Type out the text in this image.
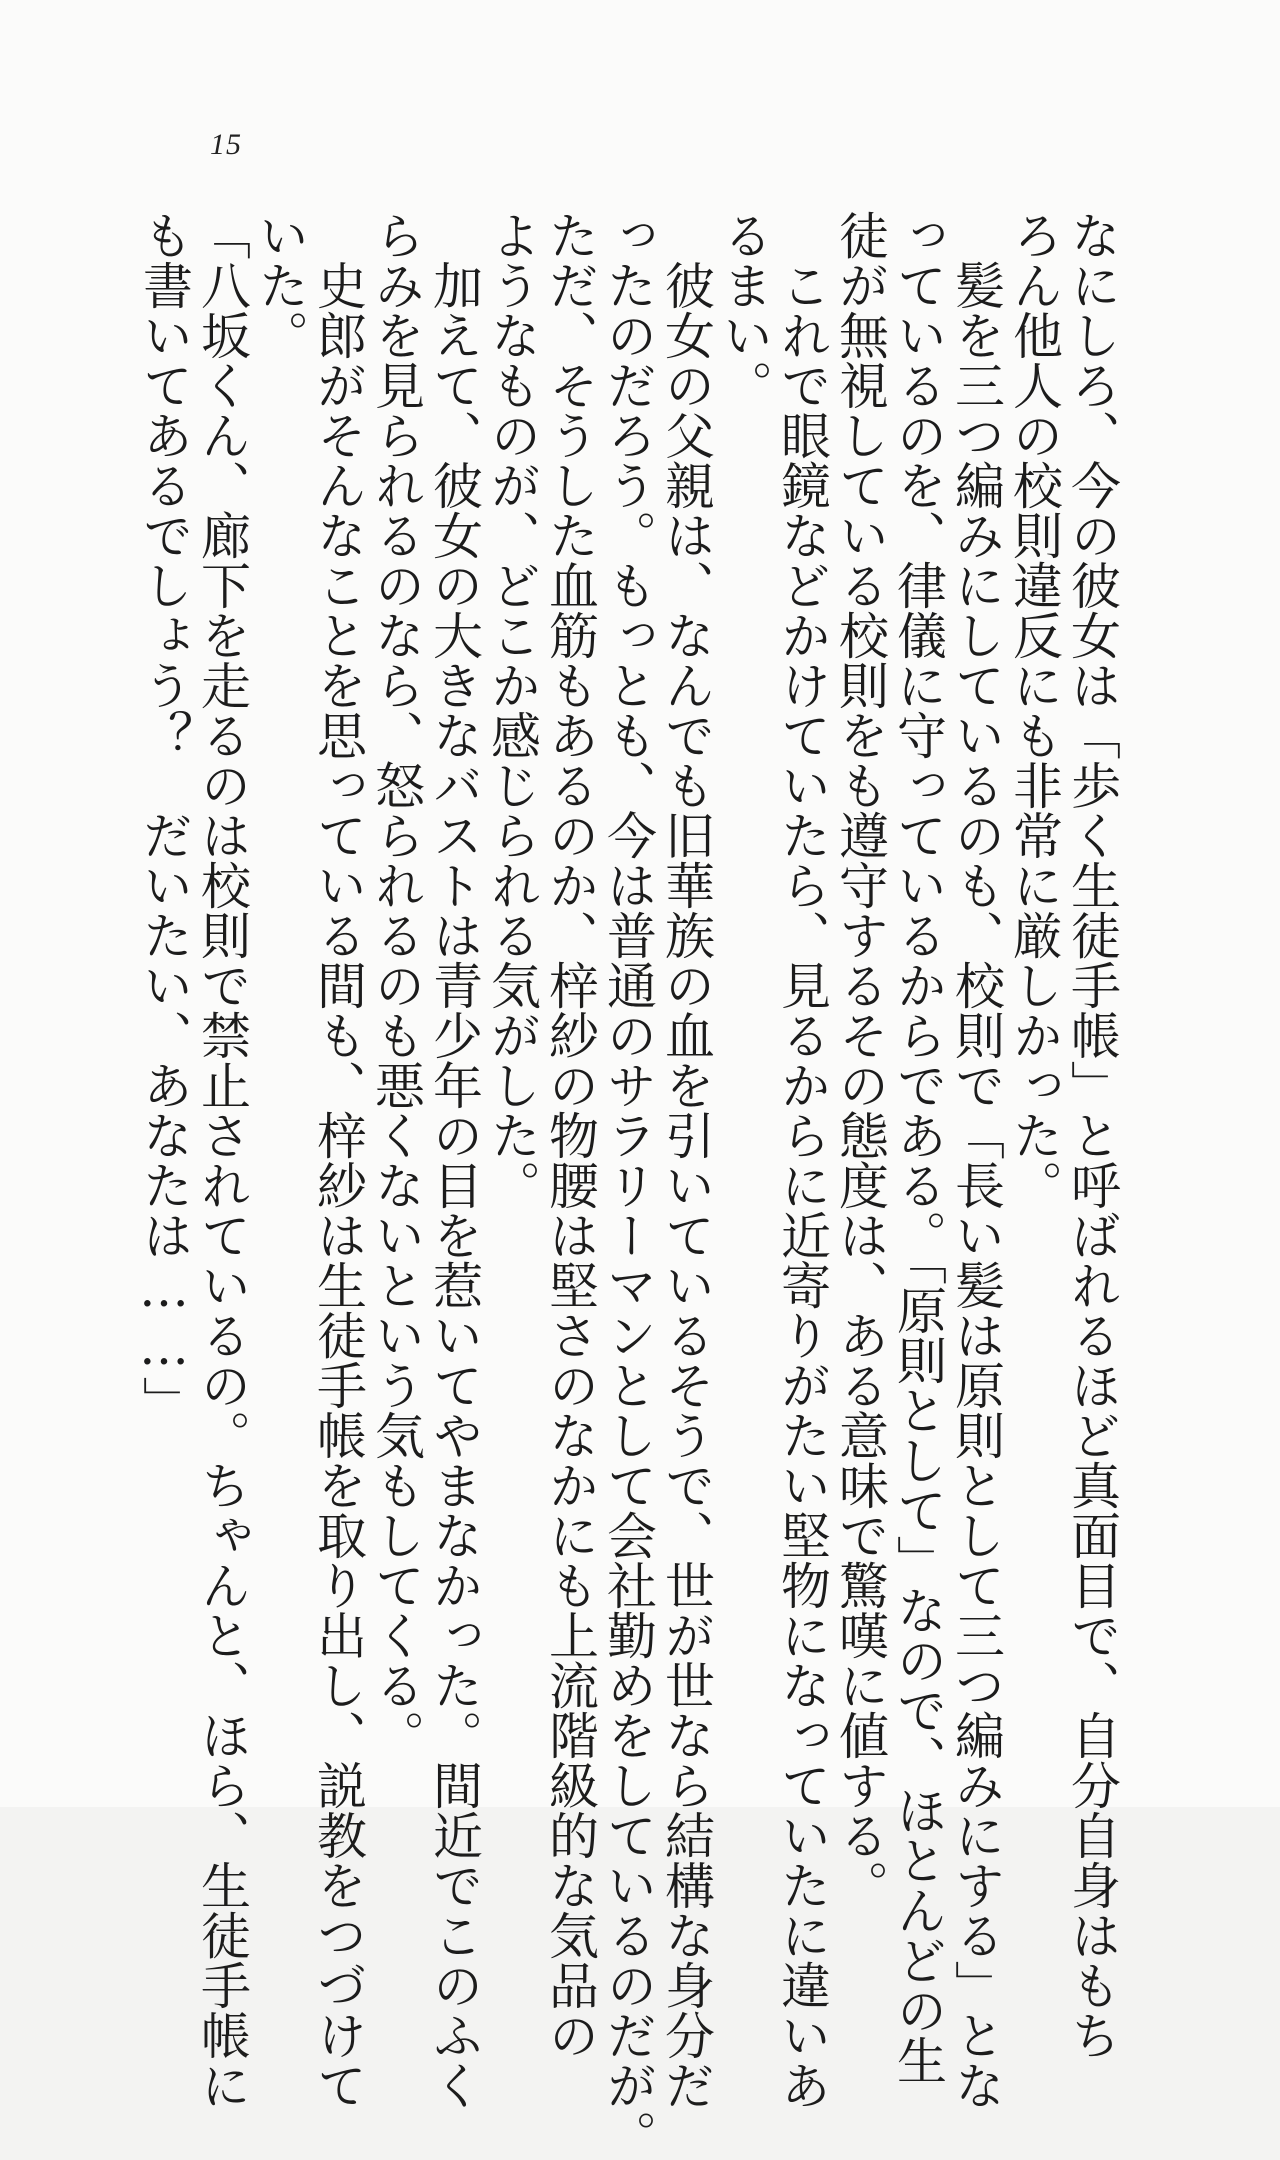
15
なにしろ、今の彼女は「歩く生徒手帳」と呼ばれるほど真面目で、自分自身はもち
ろん他人の校則違反にも非常に厳しかった。
　髪を三つ編みにしているのも、校則で「長い髪は原則として三つ編みにする」とな
っているのを、律儀に守っているからである。「原則として」なので、ほとんどの生
徒が無視している校則をも遵守するその態度は、ある意味で驚嘆に値する。
　これで眼鏡などかけていたら、見るからに近寄りがたい堅物になっていたに違いあ
るまい。
　彼女の父親は、なんでも旧華族の血を引いているそうで、世が世なら結構な身分だ
ったのだろう。もっとも、今は普通のサラリーマンとして会社勤めをしているのだが。
ただ、そうした血筋もあるのか、梓紗の物腰は堅さのなかにも上流階級的な気品の
ようなものが、どこか感じられる気がした。
　加えて、彼女の大きなバストは青少年の目を惹いてやまなかった。間近でこのふく
らみを見られるのなら、怒られるのも悪くないという気もしてくる。
　史郎がそんなことを思っている間も、梓紗は生徒手帳を取り出し、説教をつづけて
いた。
「八坂くん、廊下を走るのは校則で禁止されているの。ちゃんと、ほら、生徒手帳に
も書いてあるでしょう？　だいたい、あなたは……」
